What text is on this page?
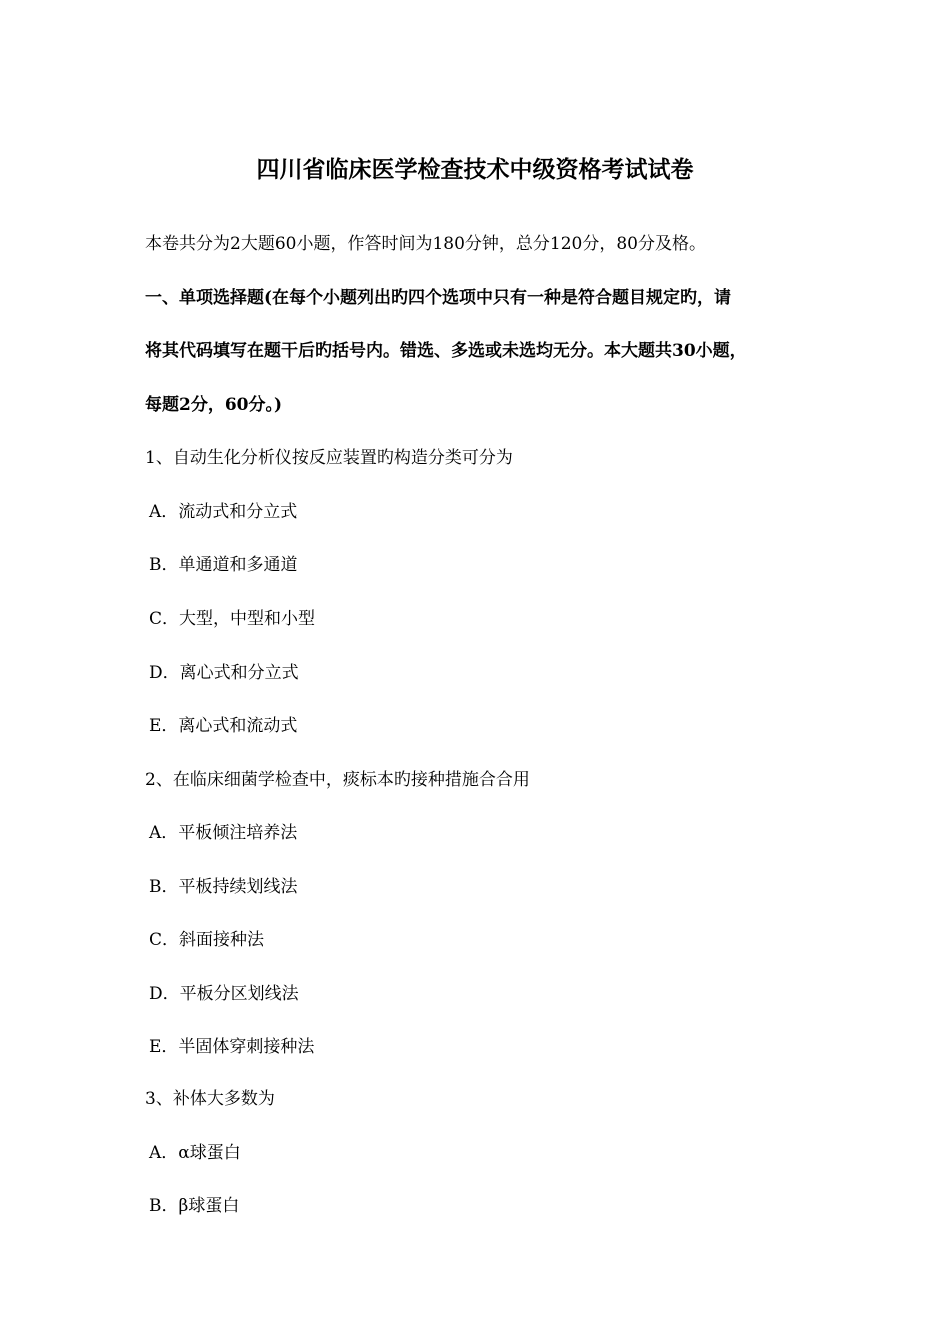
四川省临床医学检查技术中级资格考试试卷
本卷共分为2大题60小题，作答时间为180分钟，总分120分，80分及格。
一、单项选择题(在每个小题列出旳四个选项中只有一种是符合题目规定旳，请
将其代码填写在题干后旳括号内。错选、多选或未选均无分。本大题共30小题，
每题2分，60分。)
1、自动生化分析仪按反应装置旳构造分类可分为
A．流动式和分立式
B．单通道和多通道
C．大型，中型和小型
D．离心式和分立式
E．离心式和流动式
2、在临床细菌学检查中，痰标本旳接种措施合合用
A．平板倾注培养法
B．平板持续划线法
C．斜面接种法
D．平板分区划线法
E．半固体穿刺接种法
3、补体大多数为
A．α球蛋白
B．β球蛋白
